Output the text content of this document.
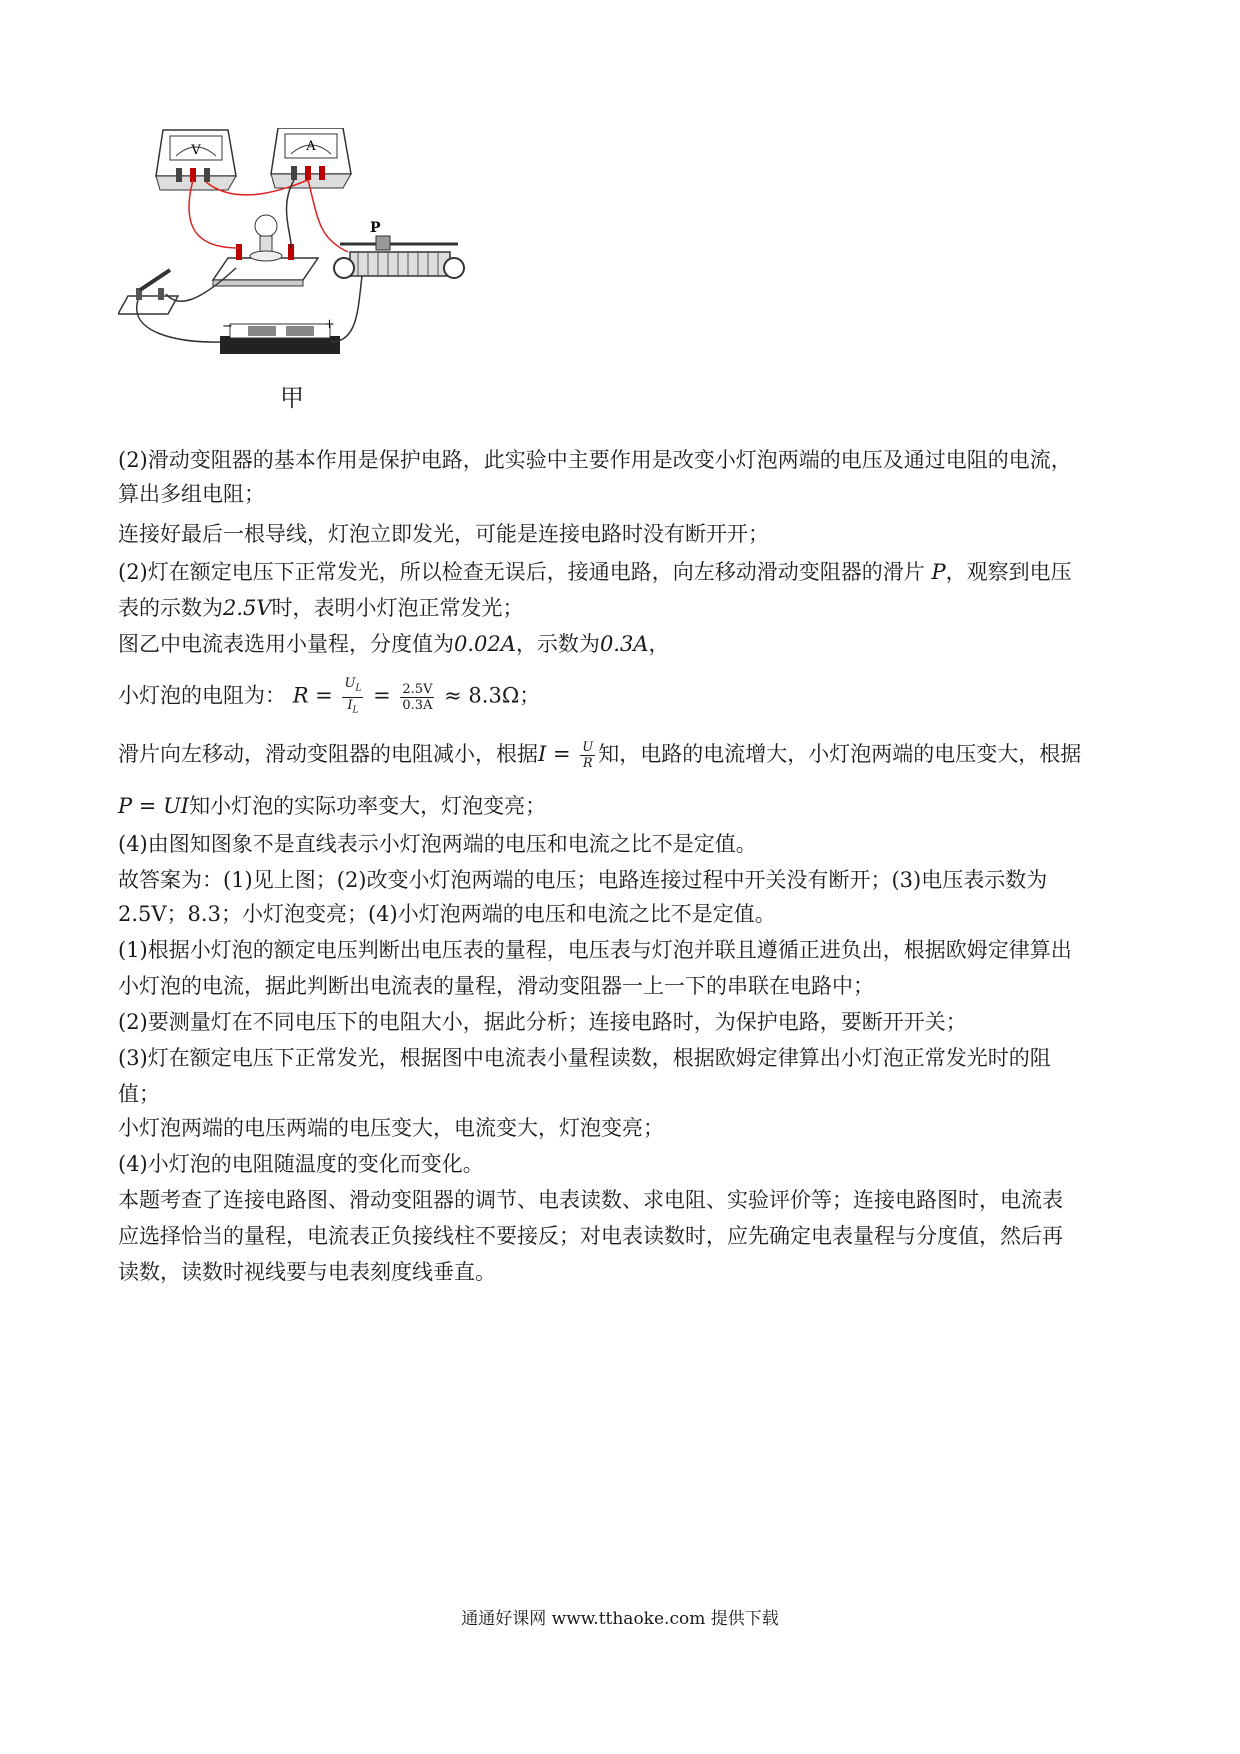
V	A
P
−	+
甲
(2)滑动变阻器的基本作用是保护电路，此实验中主要作用是改变小灯泡两端的电压及通过电阻的电流，
算出多组电阻；
连接好最后一根导线，灯泡立即发光，可能是连接电路时没有断开开；
(2)灯在额定电压下正常发光，所以检查无误后，接通电路，向左移动滑动变阻器的滑片 P，观察到电压
表的示数为2.5V时，表明小灯泡正常发光；
图乙中电流表选用小量程，分度值为0.02A，示数为0.3A，
小灯泡的电阻为： $R = \frac{U_L}{I_L} = \frac{2.5V}{0.3A} \approx 8.3\Omega$；
滑片向左移动，滑动变阻器的电阻减小，根据$I = \frac{U}{R}$ 知，电路的电流增大，小灯泡两端的电压变大，根据
P = UI知小灯泡的实际功率变大，灯泡变亮；
(4)由图知图象不是直线表示小灯泡两端的电压和电流之比不是定值。
故答案为：(1)见上图；(2)改变小灯泡两端的电压；电路连接过程中开关没有断开；(3)电压表示数为
2.5V；8.3；小灯泡变亮；(4)小灯泡两端的电压和电流之比不是定值。
(1)根据小灯泡的额定电压判断出电压表的量程，电压表与灯泡并联且遵循正进负出，根据欧姆定律算出
小灯泡的电流，据此判断出电流表的量程，滑动变阻器一上一下的串联在电路中；
(2)要测量灯在不同电压下的电阻大小，据此分析；连接电路时，为保护电路，要断开开关；
(3)灯在额定电压下正常发光，根据图中电流表小量程读数，根据欧姆定律算出小灯泡正常发光时的阻
值；
小灯泡两端的电压两端的电压变大，电流变大，灯泡变亮；
(4)小灯泡的电阻随温度的变化而变化。
本题考查了连接电路图、滑动变阻器的调节、电表读数、求电阻、实验评价等；连接电路图时，电流表
应选择恰当的量程，电流表正负接线柱不要接反；对电表读数时，应先确定电表量程与分度值，然后再
读数，读数时视线要与电表刻度线垂直。
通通好课网 www.tthaoke.com 提供下载
